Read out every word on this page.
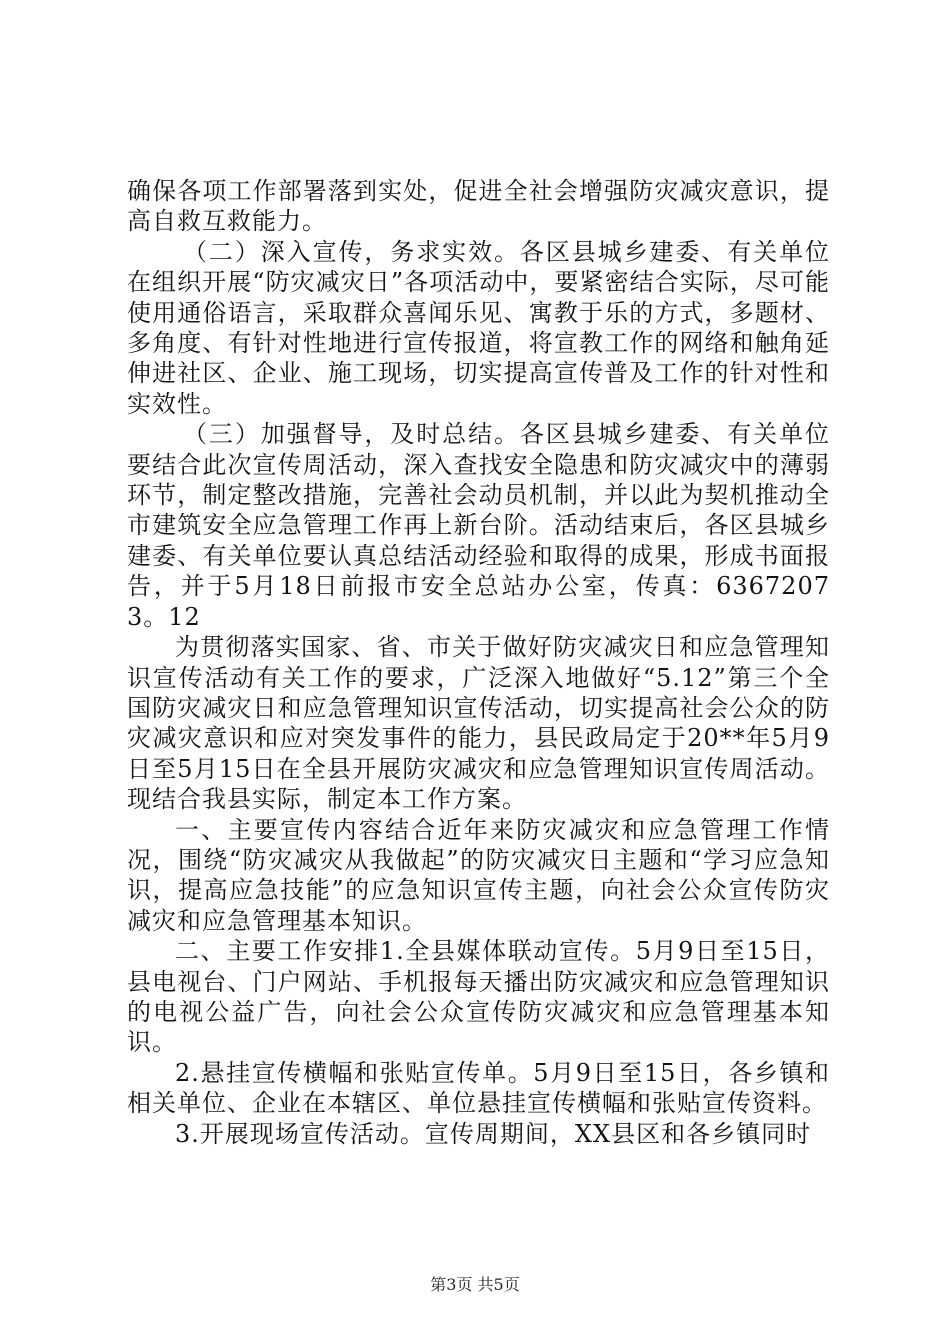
确保各项工作部署落到实处，促进全社会增强防灾减灾意识，提高自救互救能力。

（二）深入宣传，务求实效。各区县城乡建委、有关单位在组织开展“防灾减灾日”各项活动中，要紧密结合实际，尽可能使用通俗语言，采取群众喜闻乐见、寓教于乐的方式，多题材、多角度、有针对性地进行宣传报道，将宣教工作的网络和触角延伸进社区、企业、施工现场，切实提高宣传普及工作的针对性和实效性。

（三）加强督导，及时总结。各区县城乡建委、有关单位要结合此次宣传周活动，深入查找安全隐患和防灾减灾中的薄弱环节，制定整改措施，完善社会动员机制，并以此为契机推动全市建筑安全应急管理工作再上新台阶。活动结束后，各区县城乡建委、有关单位要认真总结活动经验和取得的成果，形成书面报告，并于5月18日前报市安全总站办公室，传真：63672073。12

为贯彻落实国家、省、市关于做好防灾减灾日和应急管理知识宣传活动有关工作的要求，广泛深入地做好“5.12”第三个全国防灾减灾日和应急管理知识宣传活动，切实提高社会公众的防灾减灾意识和应对突发事件的能力，县民政局定于20**年5月9日至5月15日在全县开展防灾减灾和应急管理知识宣传周活动。现结合我县实际，制定本工作方案。

一、主要宣传内容结合近年来防灾减灾和应急管理工作情况，围绕“防灾减灾从我做起”的防灾减灾日主题和“学习应急知识，提高应急技能”的应急知识宣传主题，向社会公众宣传防灾减灾和应急管理基本知识。

二、主要工作安排1.全县媒体联动宣传。5月9日至15日，县电视台、门户网站、手机报每天播出防灾减灾和应急管理知识的电视公益广告，向社会公众宣传防灾减灾和应急管理基本知识。

2.悬挂宣传横幅和张贴宣传单。5月9日至15日，各乡镇和相关单位、企业在本辖区、单位悬挂宣传横幅和张贴宣传资料。

3.开展现场宣传活动。宣传周期间，XX县区和各乡镇同时

第3页 共5页
